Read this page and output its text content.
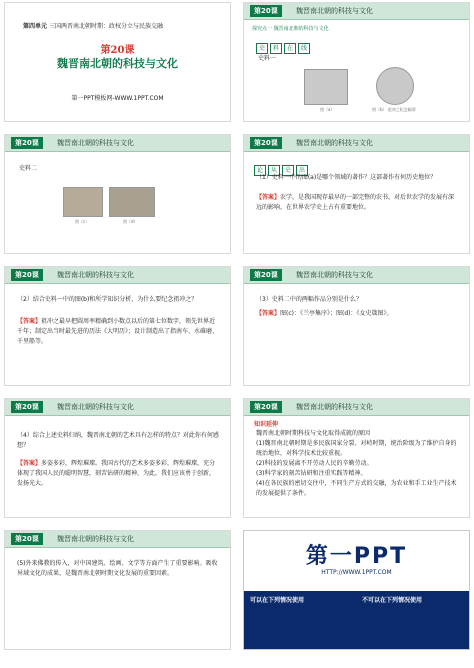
第四单元 三国两晋南北朝时期：政权分立与民族交融
第20课
魏晋南北朝的科技与文化
第一PPT模板网-WWW.1PPT.COM
第20课	魏晋南北朝的科技与文化
探究点一 魏晋南北朝的科技与文化
史 料 在 线
史料一
图（a）	图（b） 祖冲之纪念邮票
第20课	魏晋南北朝的科技与文化
史料二
图（c）	图（d）
第20课	魏晋南北朝的科技与文化
论 从 史 出
（1）史料一中的图(a)是哪个领域的著作？这部著作有何历史地位？
【答案】农学。是我国现存最早的一部完整的农书，对后世农学的发展有深远的影响，在世界农学史上占有重要地位。
第20课	魏晋南北朝的科技与文化
（2）结合史料一中的图(b)和所学知识分析，为什么要纪念祖冲之？
【答案】祖冲之最早把圆周率精确到小数点以后的第七位数字，领先世界近千年；制定出当时最先进的历法《大明历》；设计制造出了指南车、水碓磨、千里船等。
第20课	魏晋南北朝的科技与文化
（3）史料二中的两幅作品分别是什么？
【答案】图(c)：《兰亭集序》；图(d)：《女史箴图》。
第20课	魏晋南北朝的科技与文化
（4）综合上述史料归纳，魏晋南北朝的艺术具有怎样的特点？对此你有何感想？
【答案】多姿多彩，辉煌璀璨。我国古代的艺术多姿多彩，辉煌璀璨，充分体现了我国人民的聪明智慧，刻苦钻研的精神，为此，我们应该勇于创新，发扬光大。
第20课	魏晋南北朝的科技与文化
知识延伸
魏晋南北朝时期科技与文化取得成就的原因
(1)魏晋南北朝时期是多民族国家分裂、对峙时期，统治阶级为了维护自身的统治地位，对科学技术比较重视。
(2)科技的发展离不开劳动人民的辛勤劳动。
(3)科学家的刻苦钻研和注重实践等精神。
(4)在各民族的密切交往中，不同生产方式的交融，为农业和手工业生产技术的发展提供了条件。
第20课	魏晋南北朝的科技与文化
(5)外来佛教的传入，对中国建筑、绘画、文学等方面产生了重要影响。吸收异域文化的成果，是魏晋南北朝时期文化发展的重要因素。
第一PPT
HTTP://WWW.1PPT.COM
可以在下列情况使用	不可以在下列情况使用
